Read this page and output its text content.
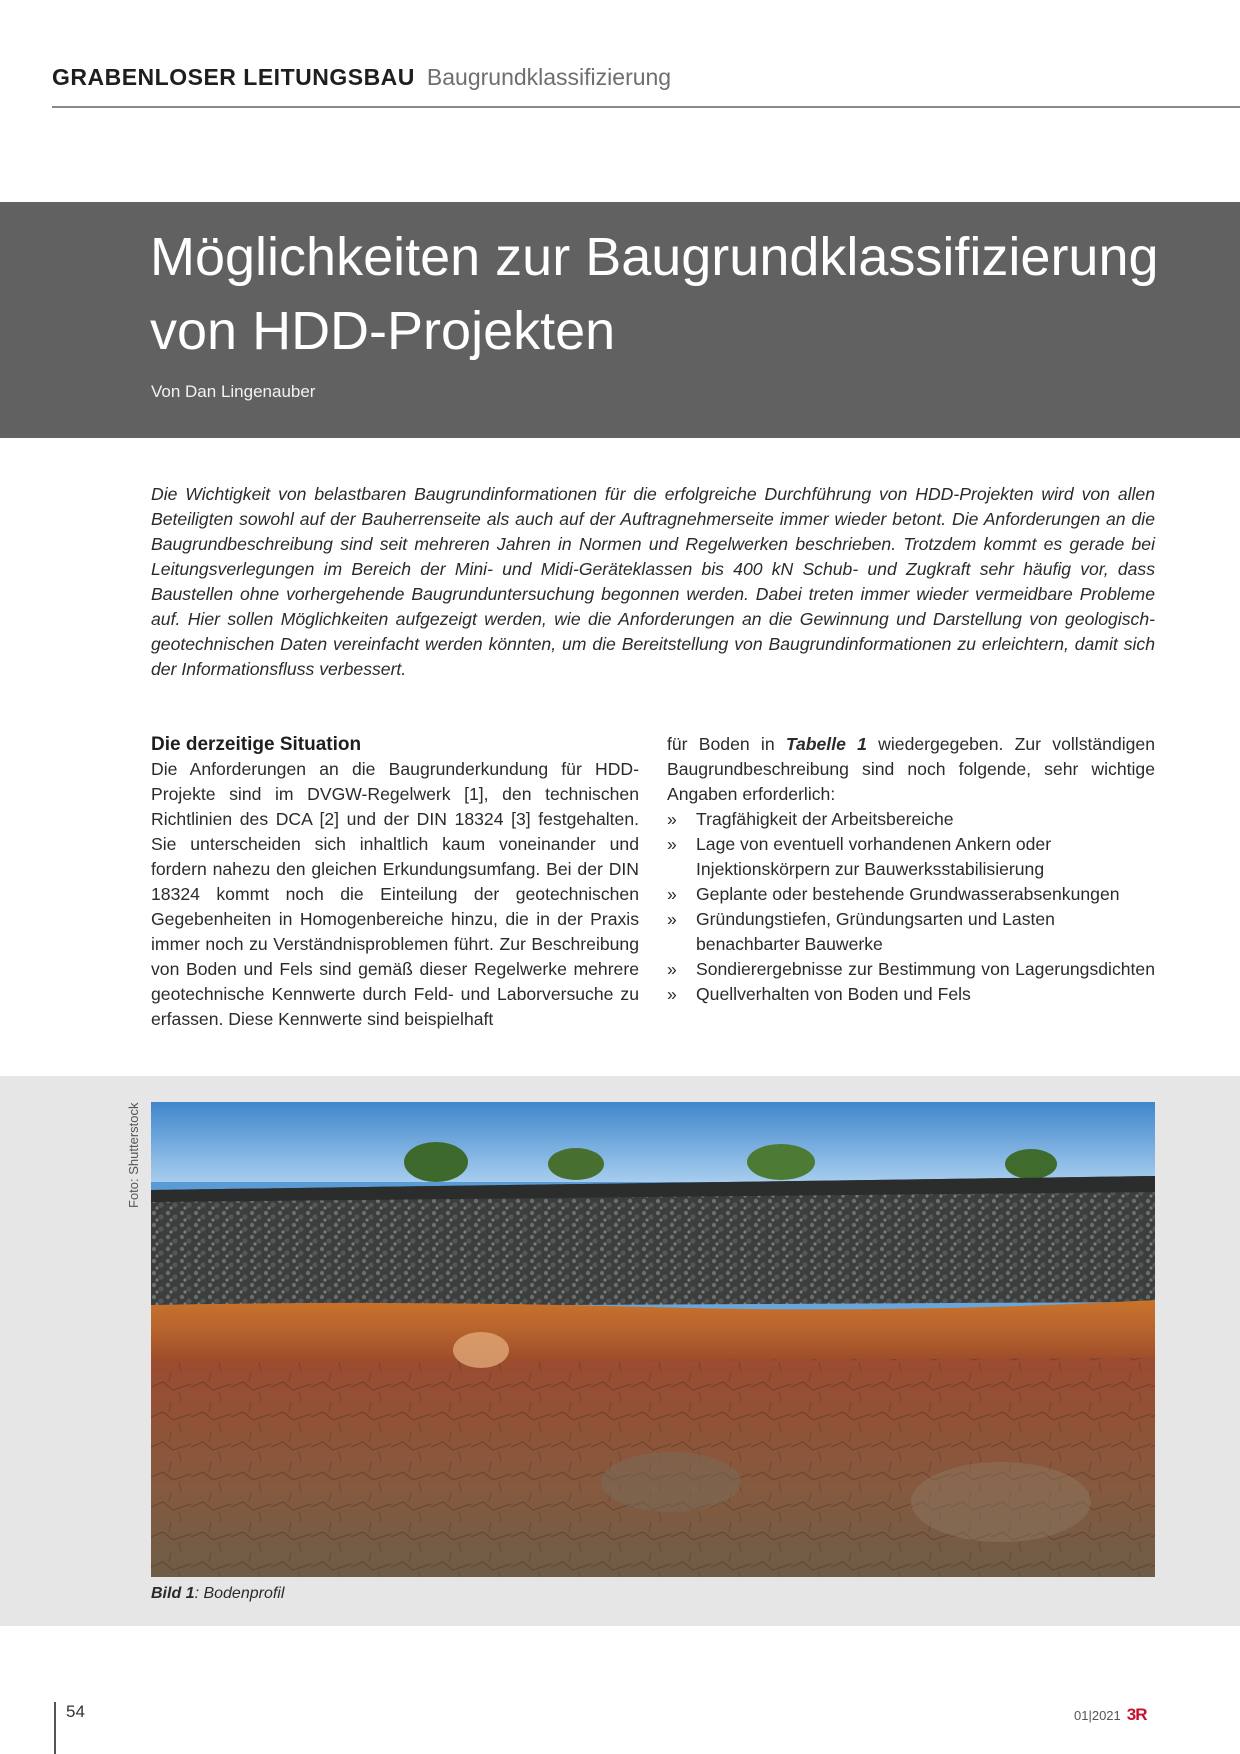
GRABENLOSER LEITUNGSBAU Baugrundklassifizierung
Möglichkeiten zur Baugrundklassifizierung
von HDD-Projekten
Von Dan Lingenauber

Die Wichtigkeit von belastbaren Baugrundinformationen für die erfolgreiche Durchführung von HDD-Projekten wird von allen Beteiligten sowohl auf der Bauherrenseite als auch auf der Auftragnehmerseite immer wieder betont. Die Anforderungen an die Baugrundbeschreibung sind seit mehreren Jahren in Normen und Regelwerken beschrieben. Trotzdem kommt es gerade bei Leitungsverlegungen im Bereich der Mini- und Midi-Geräteklassen bis 400 kN Schub- und Zugkraft sehr häufig vor, dass Baustellen ohne vorhergehende Baugrunduntersuchung begonnen werden. Dabei treten immer wieder vermeidbare Probleme auf. Hier sollen Möglichkeiten aufgezeigt werden, wie die Anforderungen an die Gewinnung und Darstellung von geologisch-geotechnischen Daten vereinfacht werden könnten, um die Bereitstellung von Baugrundinformationen zu erleichtern, damit sich der Informationsfluss verbessert.

Die derzeitige Situation

Die Anforderungen an die Baugrunderkundung für HDD-Projekte sind im DVGW-Regelwerk [1], den technischen Richtlinien des DCA [2] und der DIN 18324 [3] festgehalten. Sie unterscheiden sich inhaltlich kaum voneinander und fordern nahezu den gleichen Erkundungsumfang. Bei der DIN 18324 kommt noch die Einteilung der geotechnischen Gegebenheiten in Homogenbereiche hinzu, die in der Praxis immer noch zu Verständnisproblemen führt. Zur Beschreibung von Boden und Fels sind gemäß dieser Regelwerke mehrere geotechnische Kennwerte durch Feld- und Laborversuche zu erfassen. Diese Kennwerte sind beispielhaft

für Boden in Tabelle 1 wiedergegeben. Zur vollständigen Baugrundbeschreibung sind noch folgende, sehr wichtige Angaben erforderlich:

» Tragfähigkeit der Arbeitsbereiche
» Lage von eventuell vorhandenen Ankern oder Injektionskörpern zur Bauwerksstabilisierung
» Geplante oder bestehende Grundwasserabsenkungen
» Gründungstiefen, Gründungsarten und Lasten benachbarter Bauwerke
» Sondierergebnisse zur Bestimmung von Lagerungsdichten
» Quellverhalten von Boden und Fels
Foto: Shutterstock
Bild 1: Bodenprofil
54	01|2021 3R
